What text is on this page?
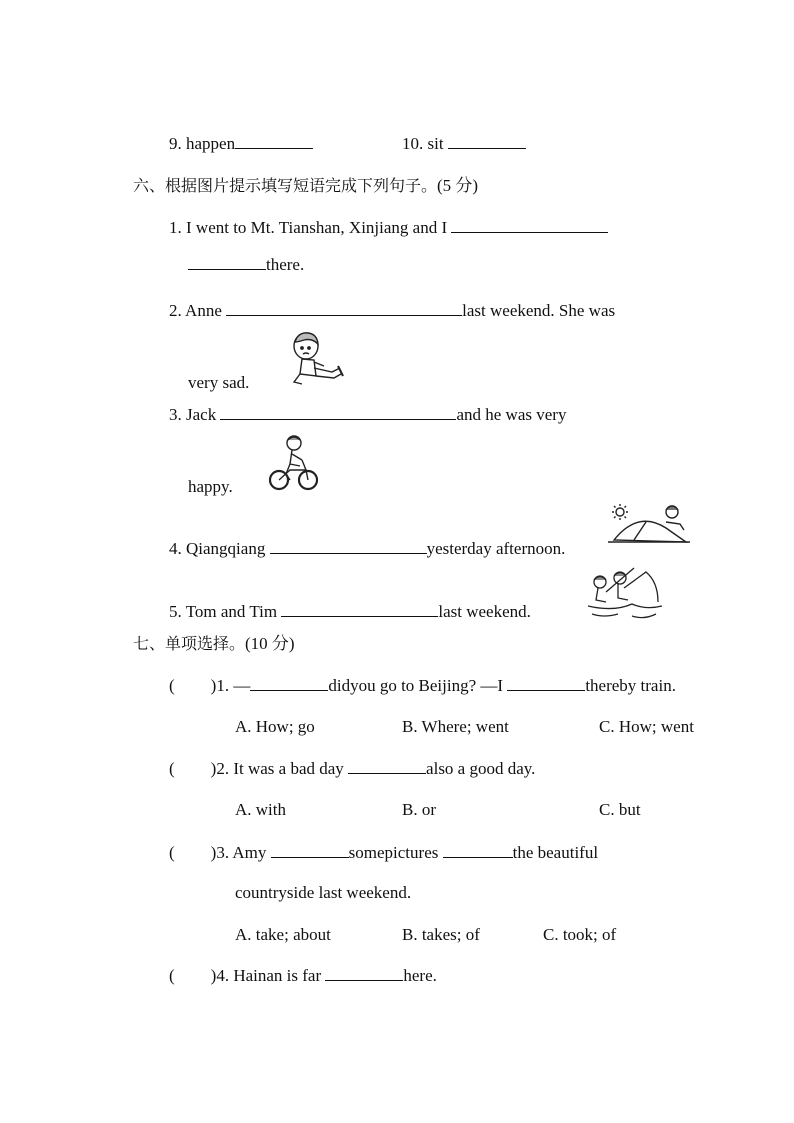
9. happen	10. sit
六、根据图片提示填写短语完成下列句子。(5 分)
1. I went to Mt. Tianshan, Xinjiang and I
there.
2. Anne	last weekend. She was
very sad.
3. Jack	and he was very
happy.
4. Qiangqiang	yesterday afternoon.
5. Tom and Tim	last weekend.
七、单项选择。(10 分)
( )1. —	didyou go to Beijing? —I	thereby train.
A. How; go	B. Where; went	C. How; went
( )2. It was a bad day	also a good day.
A. with	B. or	C. but
( )3. Amy	somepictures	the beautiful
countryside last weekend.
A. take; about	B. takes; of	C. took; of
( )4. Hainan is far	here.
